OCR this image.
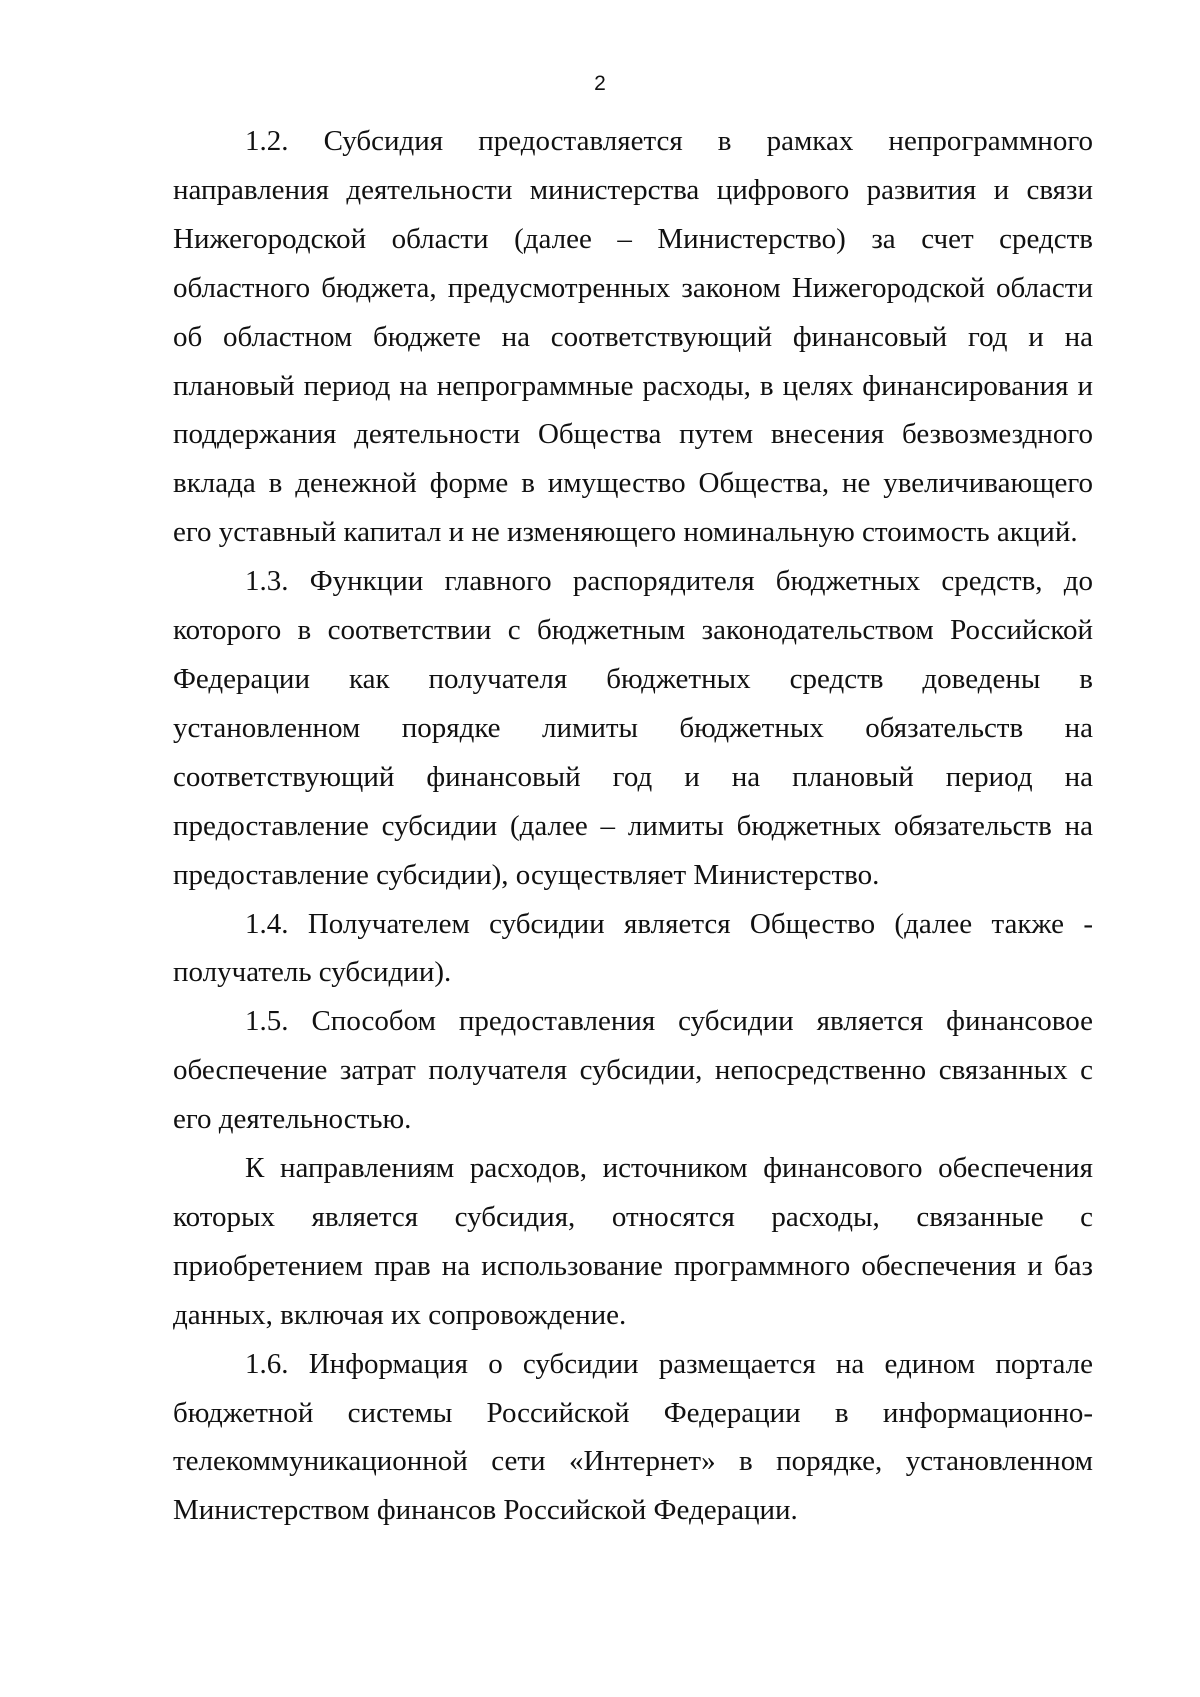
2

1.2. Субсидия предоставляется в рамках непрограммного направления деятельности министерства цифрового развития и связи Нижегородской области (далее – Министерство) за счет средств областного бюджета, предусмотренных законом Нижегородской области об областном бюджете на соответствующий финансовый год и на плановый период на непрограммные расходы, в целях финансирования и поддержания деятельности Общества путем внесения безвозмездного вклада в денежной форме в имущество Общества, не увеличивающего его уставный капитал и не изменяющего номинальную стоимость акций.

1.3. Функции главного распорядителя бюджетных средств, до которого в соответствии с бюджетным законодательством Российской Федерации как получателя бюджетных средств доведены в установленном порядке лимиты бюджетных обязательств на соответствующий финансовый год и на плановый период на предоставление субсидии (далее – лимиты бюджетных обязательств на предоставление субсидии), осуществляет Министерство.

1.4. Получателем субсидии является Общество (далее также - получатель субсидии).

1.5. Способом предоставления субсидии является финансовое обеспечение затрат получателя субсидии, непосредственно связанных с его деятельностью.

К направлениям расходов, источником финансового обеспечения которых является субсидия, относятся расходы, связанные с приобретением прав на использование программного обеспечения и баз данных, включая их сопровождение.

1.6. Информация о субсидии размещается на едином портале бюджетной системы Российской Федерации в информационно-телекоммуникационной сети «Интернет» в порядке, установленном Министерством финансов Российской Федерации.
